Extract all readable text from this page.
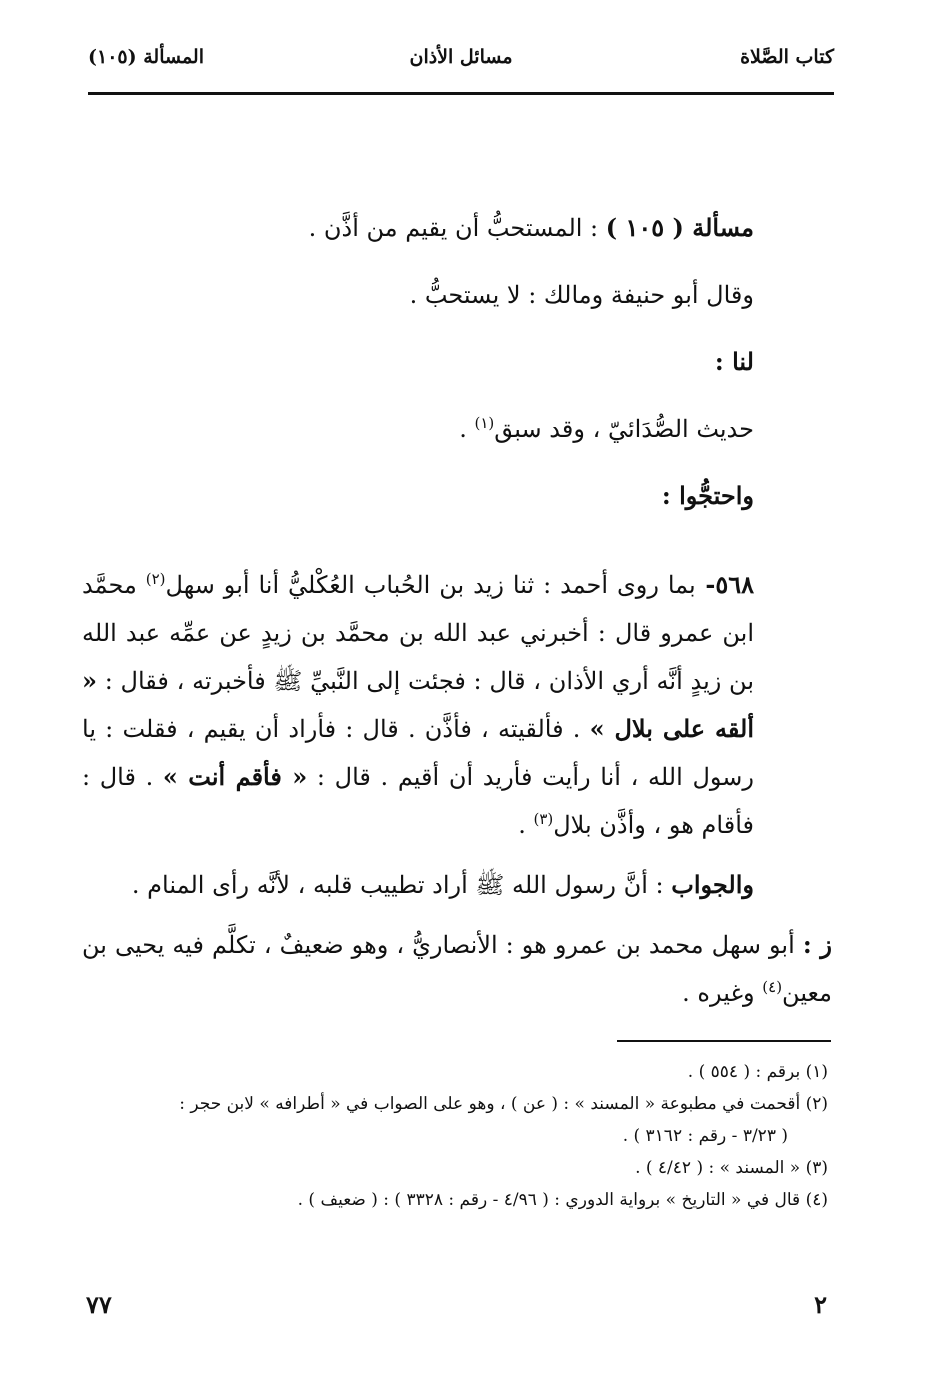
كتاب الصَّلاة
مسائل الأذان
المسألة (١٠٥)

مسألة ( ١٠٥ ) : المستحبُّ أن يقيم من أذَّن .

وقال أبو حنيفة ومالك : لا يستحبُّ .

لنا :

حديث الصُّدَائيّ ، وقد سبق$^{(١)}$ .

واحتجُّوا :

٥٦٨- بما روى أحمد : ثنا زيد بن الحُباب العُكْليُّ أنا أبو سهل$^{(٢)}$ محمَّد ابن عمرو قال : أخبرني عبد الله بن محمَّد بن زيدٍ عن عمِّه عبد الله بن زيدٍ أنَّه أري الأذان ، قال : فجئت إلى النَّبيِّ ﷺ فأخبرته ، فقال : « ألقه على بلال » . فألقيته ، فأذَّن . قال : فأراد أن يقيم ، فقلت : يا رسول الله ، أنا رأيت فأريد أن أقيم . قال : « فأقم أنت » . قال : فأقام هو ، وأذَّن بلال$^{(٣)}$ .

والجواب : أنَّ رسول الله ﷺ أراد تطييب قلبه ، لأنَّه رأى المنام .

ز : أبو سهل محمد بن عمرو هو : الأنصاريُّ ، وهو ضعيفٌ ، تكلَّم فيه يحيى بن معين$^{(٤)}$ وغيره .

(١) برقم : ( ٥٥٤ ) .

(٢) أقحمت في مطبوعة « المسند » : ( عن ) ، وهو على الصواب في « أطرافه » لابن حجر :

( ٣/٢٣ - رقم : ٣١٦٢ ) .

(٣) « المسند » : ( ٤/٤٢ ) .

(٤) قال في « التاريخ » برواية الدوري : ( ٤/٩٦ - رقم : ٣٣٢٨ ) : ( ضعيف ) .

٧٧	٢
